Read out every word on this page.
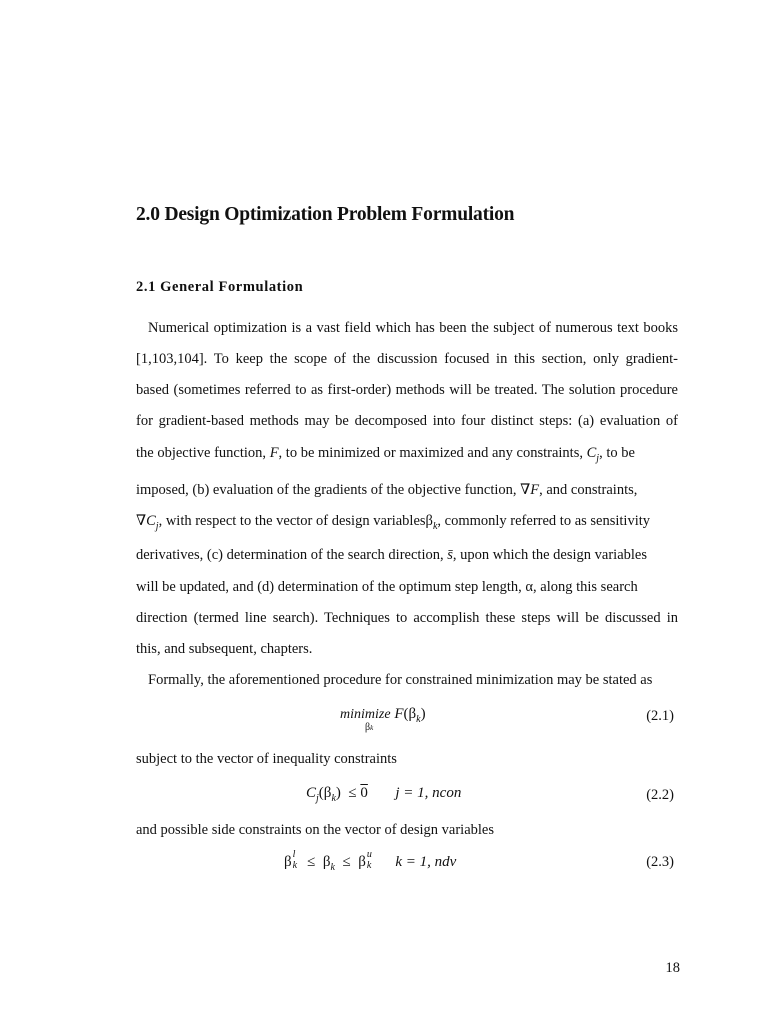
2.0 Design Optimization Problem Formulation
2.1 General Formulation
Numerical optimization is a vast field which has been the subject of numerous text books
[1,103,104]. To keep the scope of the discussion focused in this section, only gradient-
based (sometimes referred to as first-order) methods will be treated. The solution procedure
for gradient-based methods may be decomposed into four distinct steps: (a) evaluation of
the objective function, F, to be minimized or maximized and any constraints, $C_j$, to be
imposed, (b) evaluation of the gradients of the objective function, ∇F, and constraints,
$\nabla C_j$, with respect to the vector of design variablesβ$_k$, commonly referred to as sensitivity
derivatives, (c) determination of the search direction, s̄, upon which the design variables
will be updated, and (d) determination of the optimum step length, α, along this search
direction (termed line search). Techniques to accomplish these steps will be discussed in
this, and subsequent, chapters.
Formally, the aforementioned procedure for constrained minimization may be stated as
minimize $F(\beta_k)$
βk
(2.1)
subject to the vector of inequality constraints
$C_j(\beta_k) \le 0$ j = 1, ncon	(2.2)
and possible side constraints on the vector of design variables
β l
$k \le \beta_k \le \beta$ u
k k = 1, ndv	(2.3)
18
